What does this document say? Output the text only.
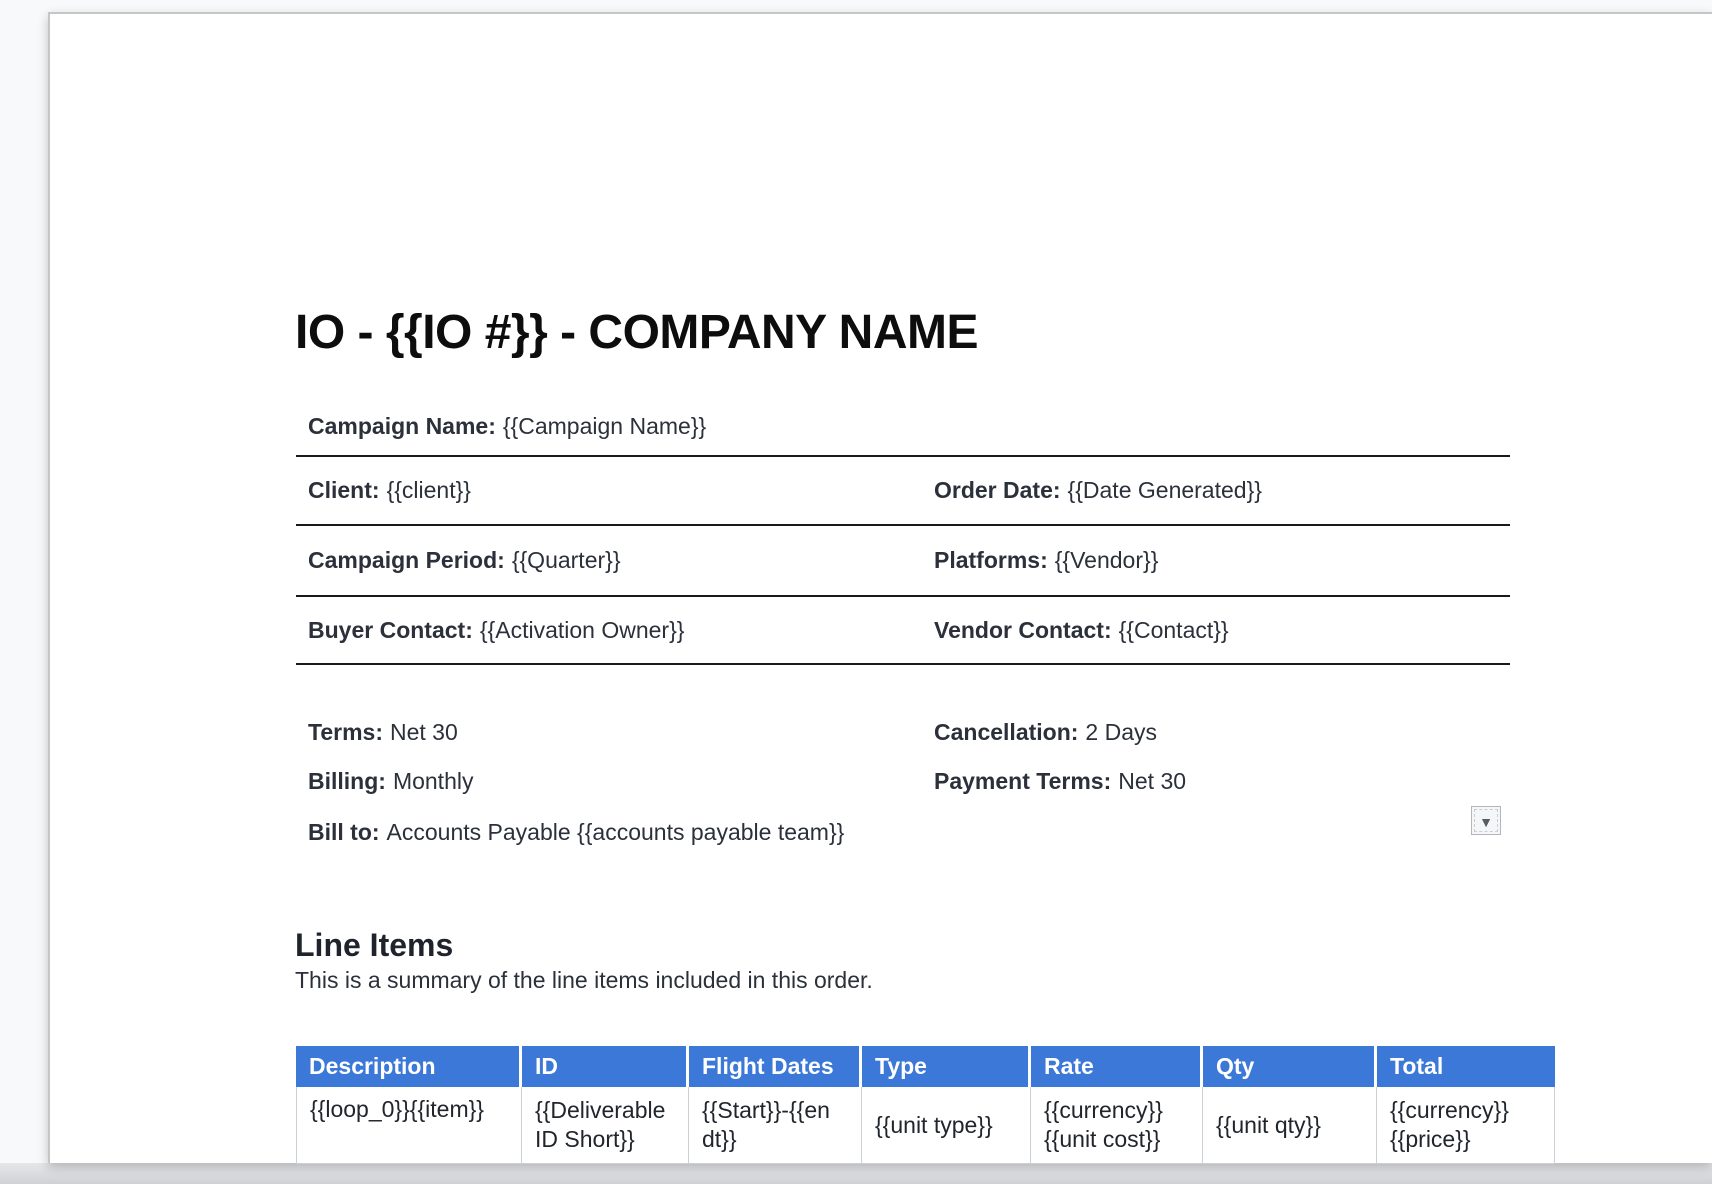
IO - {{IO #}} - COMPANY NAME
Campaign Name: {{Campaign Name}}	
Client: {{client}}	Order Date: {{Date Generated}}
Campaign Period: {{Quarter}}	Platforms: {{Vendor}}
Buyer Contact: {{Activation Owner}}	Vendor Contact: {{Contact}}
Terms: Net 30	Cancellation: 2 Days
Billing: Monthly	Payment Terms: Net 30
Bill to: Accounts Payable {{accounts payable team}}	▼
Line Items
This is a summary of the line items included in this order.
Description	ID	Flight Dates	Type	Rate	Qty	Total
{{loop_0}}{{item}}	{{Deliverable ID Short}}	{{Start}}-{{en dt}}	{{unit type}}	{{currency}}{{unit cost}}	{{unit qty}}	{{currency}}{{price}}
